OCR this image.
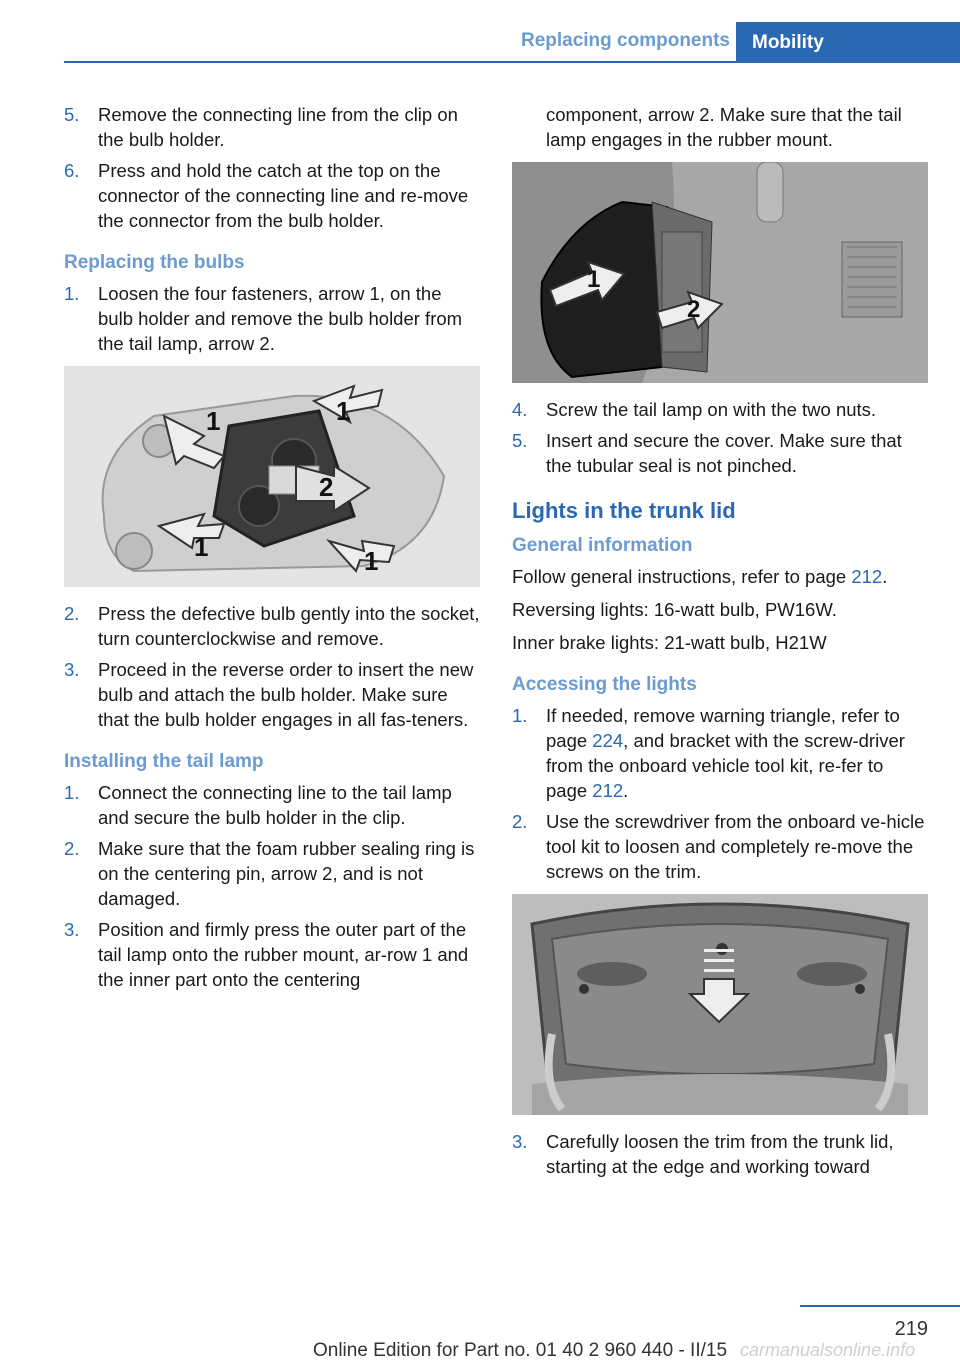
Replacing components	Mobility
5. Remove the connecting line from the clip on the bulb holder.
6. Press and hold the catch at the top on the connector of the connecting line and re-move the connector from the bulb holder.
Replacing the bulbs
1. Loosen the four fasteners, arrow 1, on the bulb holder and remove the bulb holder from the tail lamp, arrow 2.
1	1
1	1
2
2. Press the defective bulb gently into the socket, turn counterclockwise and remove.
3. Proceed in the reverse order to insert the new bulb and attach the bulb holder. Make sure that the bulb holder engages in all fas-teners.
Installing the tail lamp
1. Connect the connecting line to the tail lamp and secure the bulb holder in the clip.
2. Make sure that the foam rubber sealing ring is on the centering pin, arrow 2, and is not damaged.
3. Position and firmly press the outer part of the tail lamp onto the rubber mount, ar-row 1 and the inner part onto the centering
component, arrow 2. Make sure that the tail lamp engages in the rubber mount.
1
2
4. Screw the tail lamp on with the two nuts.
5. Insert and secure the cover. Make sure that the tubular seal is not pinched.
Lights in the trunk lid
General information
Follow general instructions, refer to page 212.
Reversing lights: 16-watt bulb, PW16W.
Inner brake lights: 21-watt bulb, H21W
Accessing the lights
1. If needed, remove warning triangle, refer to page 224, and bracket with the screw-driver from the onboard vehicle tool kit, re-fer to page 212.
2. Use the screwdriver from the onboard ve-hicle tool kit to loosen and completely re-move the screws on the trim.
3. Carefully loosen the trim from the trunk lid, starting at the edge and working toward
219
Online Edition for Part no. 01 40 2 960 440 - II/15 carmanualsonline.info
